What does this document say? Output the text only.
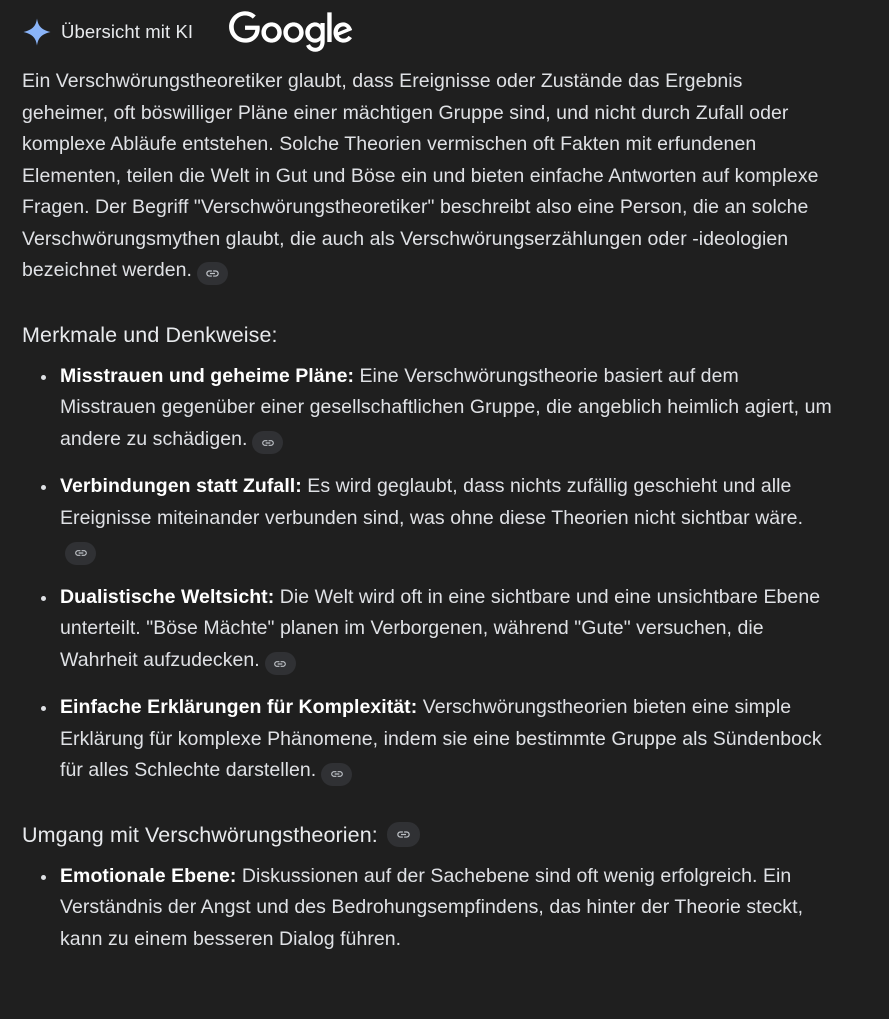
Übersicht mit KI

Ein Verschwörungstheoretiker glaubt, dass Ereignisse oder Zustände das Ergebnis geheimer, oft böswilliger Pläne einer mächtigen Gruppe sind, und nicht durch Zufall oder komplexe Abläufe entstehen. Solche Theorien vermischen oft Fakten mit erfundenen Elementen, teilen die Welt in Gut und Böse ein und bieten einfache Antworten auf komplexe Fragen. Der Begriff "Verschwörungstheoretiker" beschreibt also eine Person, die an solche Verschwörungsmythen glaubt, die auch als Verschwörungserzählungen oder -ideologien bezeichnet werden.

Merkmale und Denkweise:
Misstrauen und geheime Pläne: Eine Verschwörungstheorie basiert auf dem Misstrauen gegenüber einer gesellschaftlichen Gruppe, die angeblich heimlich agiert, um andere zu schädigen.
Verbindungen statt Zufall: Es wird geglaubt, dass nichts zufällig geschieht und alle Ereignisse miteinander verbunden sind, was ohne diese Theorien nicht sichtbar wäre.
Dualistische Weltsicht: Die Welt wird oft in eine sichtbare und eine unsichtbare Ebene unterteilt. "Böse Mächte" planen im Verborgenen, während "Gute" versuchen, die Wahrheit aufzudecken.
Einfache Erklärungen für Komplexität: Verschwörungstheorien bieten eine simple Erklärung für komplexe Phänomene, indem sie eine bestimmte Gruppe als Sündenbock für alles Schlechte darstellen.
Umgang mit Verschwörungstheorien:
Emotionale Ebene: Diskussionen auf der Sachebene sind oft wenig erfolgreich. Ein Verständnis der Angst und des Bedrohungsempfindens, das hinter der Theorie steckt, kann zu einem besseren Dialog führen.
